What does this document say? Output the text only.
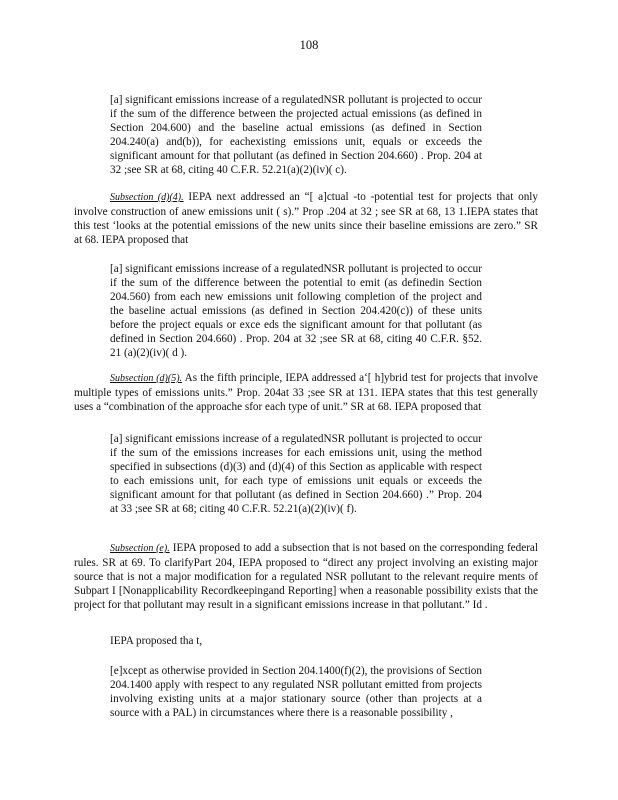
108

[a] significant emissions increase of a regulatedNSR pollutant is projected to occur if the sum of the difference between the projected actual emissions (as defined in Section 204.600) and the baseline actual emissions (as defined in Section 204.240(a) and(b)), for eachexisting emissions unit, equals or exceeds the significant amount for that pollutant (as defined in Section 204.660) . Prop. 204 at 32 ;see SR at 68, citing 40 C.F.R. 52.21(a)(2)(iv)( c).

Subsection (d)(4). IEPA next addressed an “[ a]ctual -to -potential test for projects that only involve construction of anew emissions unit ( s).” Prop .204 at 32 ; see SR at 68, 13 1.IEPA states that this test ‘looks at the potential emissions of the new units since their baseline emissions are zero.” SR at 68. IEPA proposed that

[a] significant emissions increase of a regulatedNSR pollutant is projected to occur if the sum of the difference between the potential to emit (as definedin Section 204.560) from each new emissions unit following completion of the project and the baseline actual emissions (as defined in Section 204.420(c)) of these units before the project equals or exce eds the significant amount for that pollutant (as defined in Section 204.660) . Prop. 204 at 32 ;see SR at 68, citing 40 C.F.R. §52. 21 (a)(2)(iv)( d ).

Subsection (d)(5). As the fifth principle, IEPA addressed a‘[ h]ybrid test for projects that involve multiple types of emissions units.” Prop. 204at 33 ;see SR at 131. IEPA states that this test generally uses a “combination of the approache sfor each type of unit.” SR at 68. IEPA proposed that

[a] significant emissions increase of a regulatedNSR pollutant is projected to occur if the sum of the emissions increases for each emissions unit, using the method specified in subsections (d)(3) and (d)(4) of this Section as applicable with respect to each emissions unit, for each type of emissions unit equals or exceeds the significant amount for that pollutant (as defined in Section 204.660) .” Prop. 204 at 33 ;see SR at 68; citing 40 C.F.R. 52.21(a)(2)(iv)( f).

Subsection (e). IEPA proposed to add a subsection that is not based on the corresponding federal rules. SR at 69. To clarifyPart 204, IEPA proposed to “direct any project involving an existing major source that is not a major modification for a regulated NSR pollutant to the relevant require ments of Subpart I [Nonapplicability Recordkeepingand Reporting] when a reasonable possibility exists that the project for that pollutant may result in a significant emissions increase in that pollutant.” Id .

IEPA proposed tha t,

[e]xcept as otherwise provided in Section 204.1400(f)(2), the provisions of Section 204.1400 apply with respect to any regulated NSR pollutant emitted from projects involving existing units at a major stationary source (other than projects at a source with a PAL) in circumstances where there is a reasonable possibility ,
